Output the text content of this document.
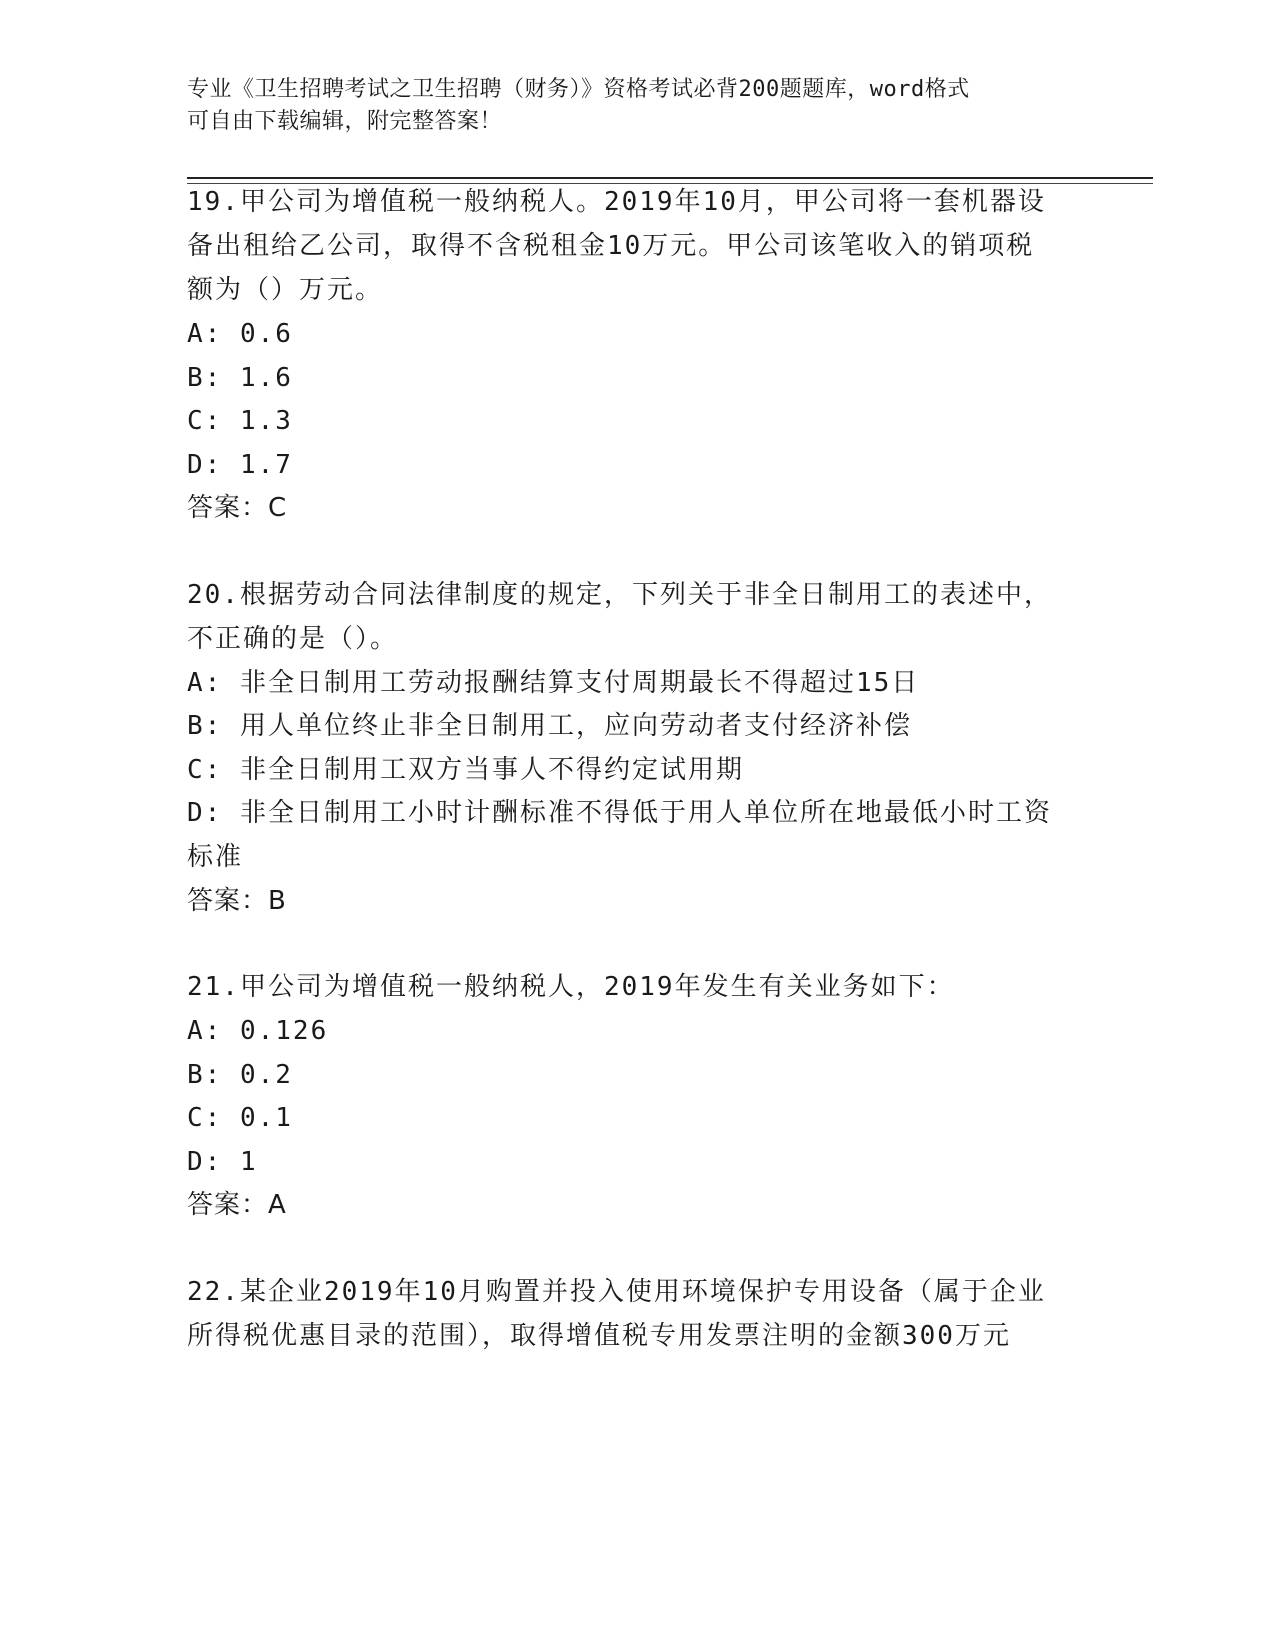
专业《卫生招聘考试之卫生招聘（财务）》资格考试必背200题题库，word格式
可自由下载编辑，附完整答案！
19.甲公司为增值税一般纳税人。2019年10月，甲公司将一套机器设
备出租给乙公司，取得不含税租金10万元。甲公司该笔收入的销项税
额为（）万元。
A: 0.6
B: 1.6
C: 1.3
D: 1.7
答案：C
20.根据劳动合同法律制度的规定，下列关于非全日制用工的表述中，
不正确的是（）。
A: 非全日制用工劳动报酬结算支付周期最长不得超过15日
B: 用人单位终止非全日制用工，应向劳动者支付经济补偿
C: 非全日制用工双方当事人不得约定试用期
D: 非全日制用工小时计酬标准不得低于用人单位所在地最低小时工资
标准
答案：B
21.甲公司为增值税一般纳税人，2019年发生有关业务如下：
A: 0.126
B: 0.2
C: 0.1
D: 1
答案：A
22.某企业2019年10月购置并投入使用环境保护专用设备（属于企业
所得税优惠目录的范围），取得增值税专用发票注明的金额300万元
